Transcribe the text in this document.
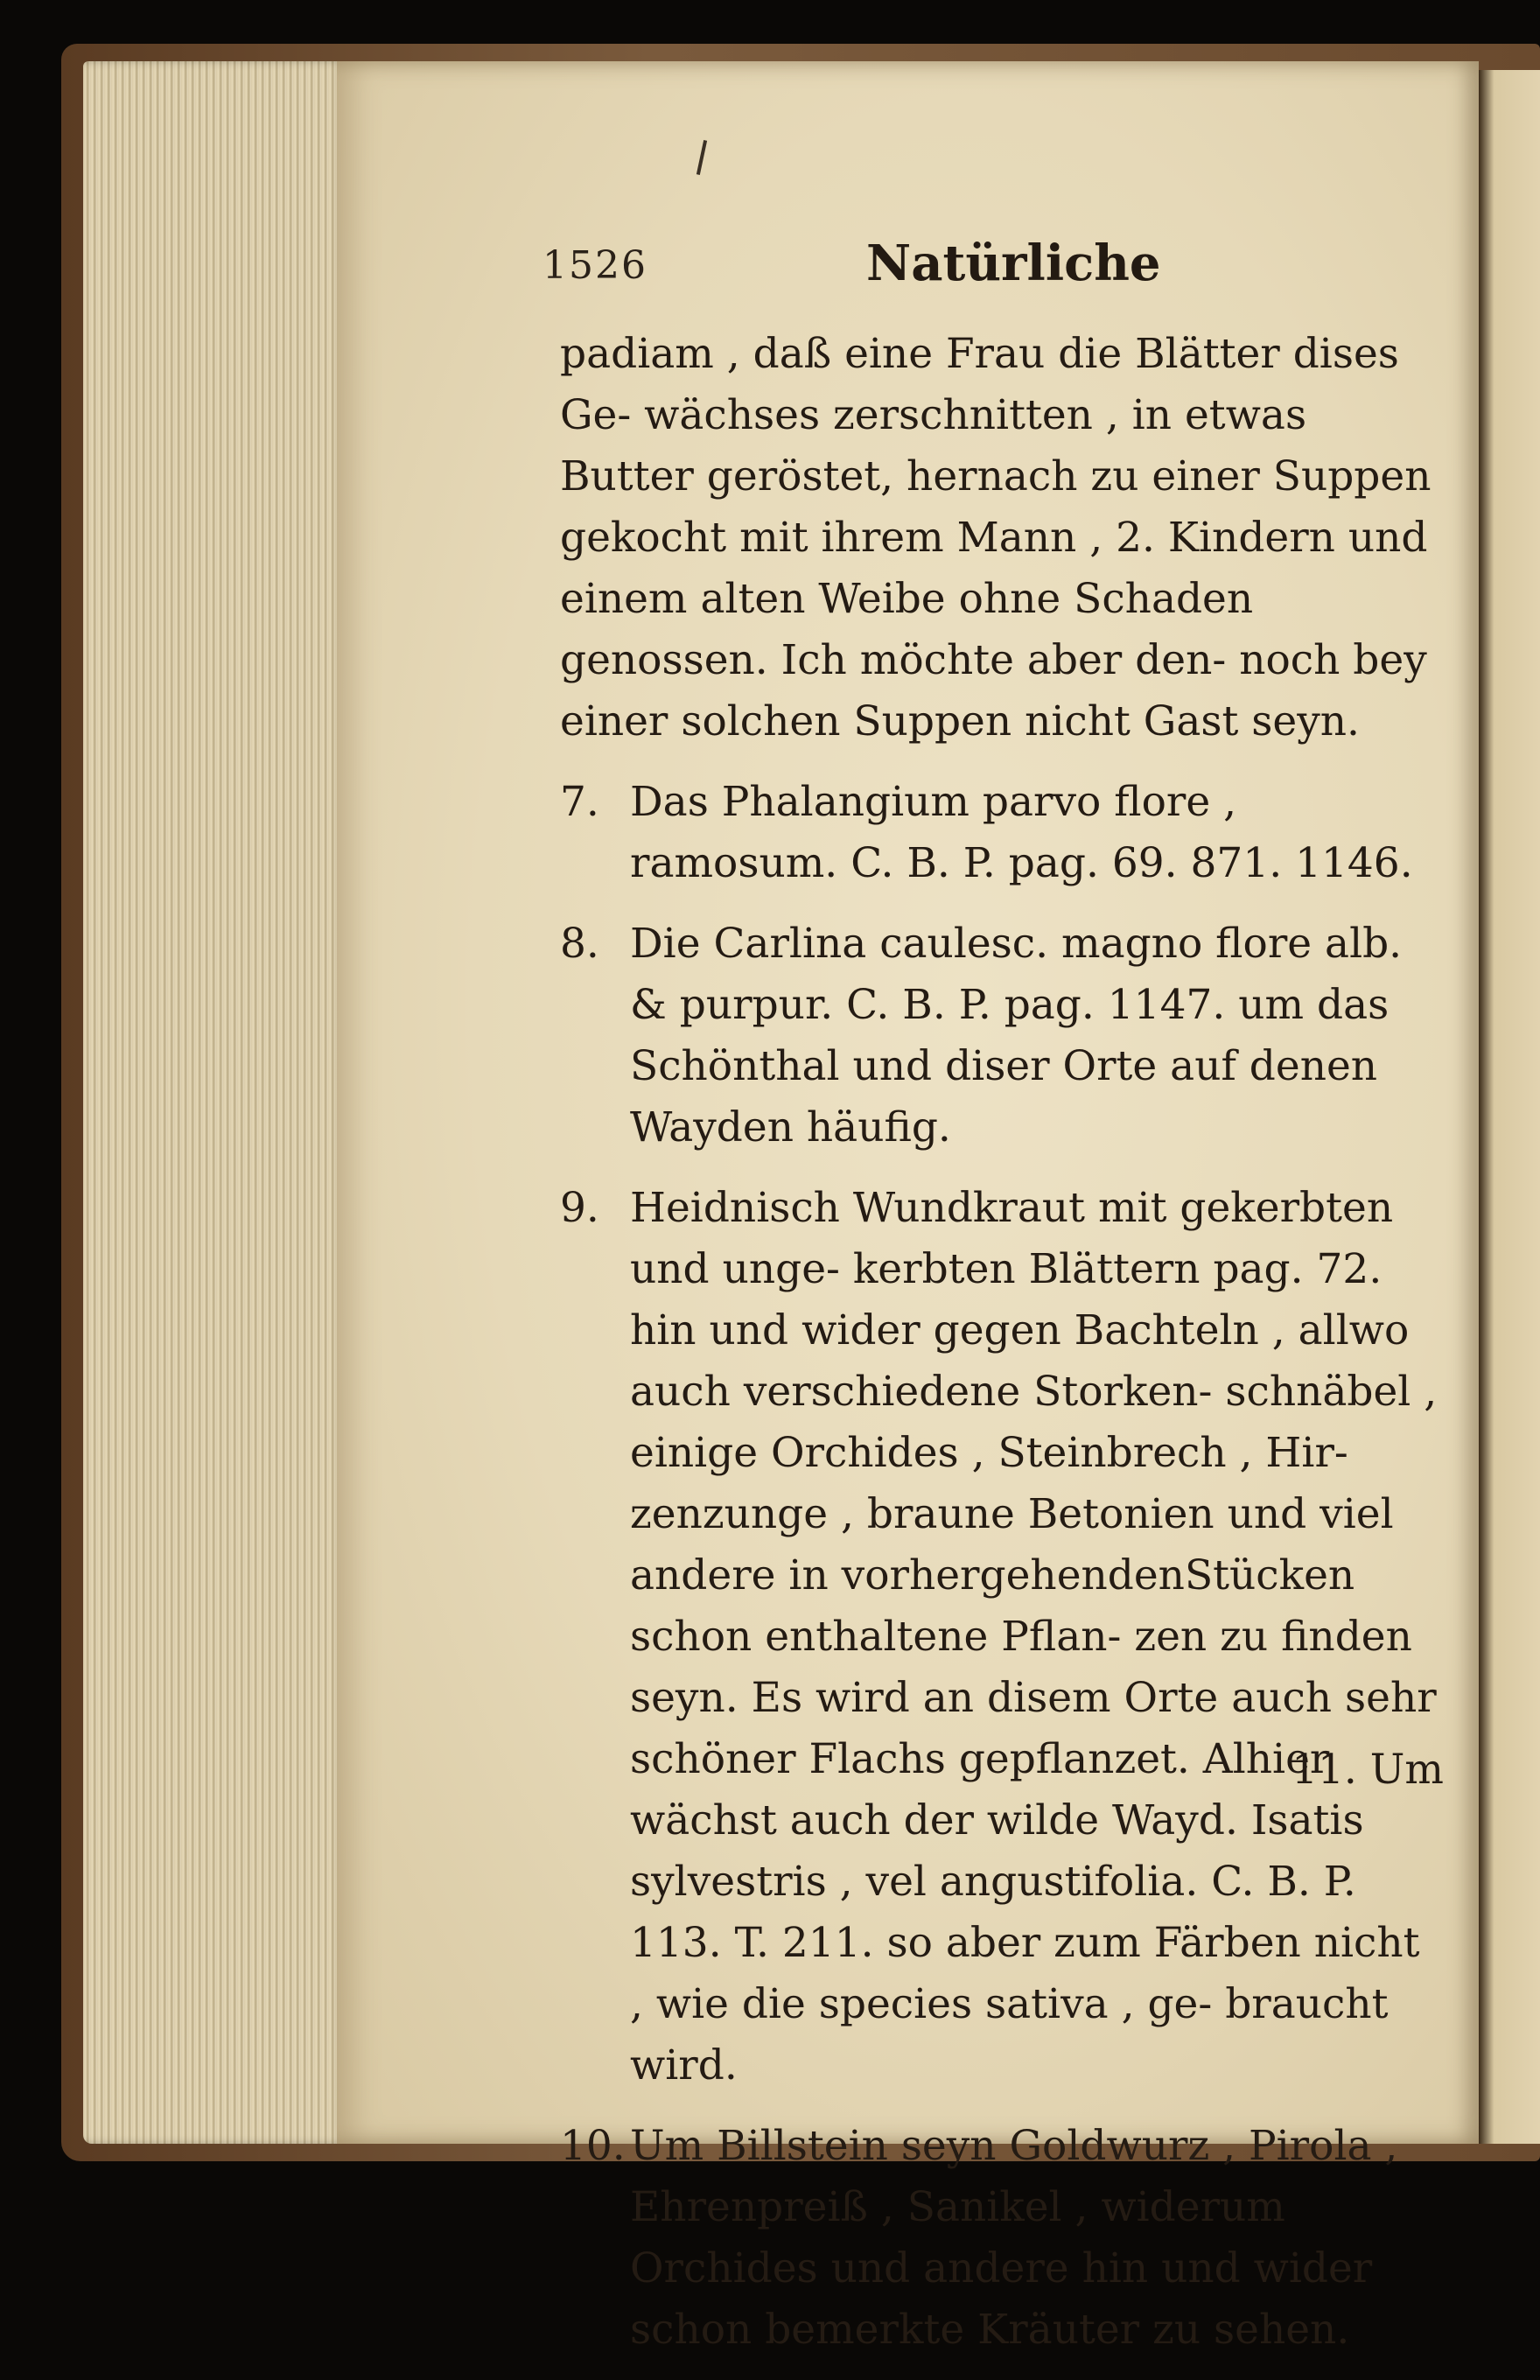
1526	Natürliche

padiam , daß eine Frau die Blätter dises Ge- wächses zerschnitten , in etwas Butter geröstet, hernach zu einer Suppen gekocht mit ihrem Mann , 2. Kindern und einem alten Weibe ohne Schaden genossen. Ich möchte aber den- noch bey einer solchen Suppen nicht Gast seyn.

7. Das Phalangium parvo flore , ramosum. C. B. P. pag. 69. 871. 1146.
8. Die Carlina caulesc. magno flore alb. & purpur. C. B. P. pag. 1147. um das Schönthal und diser Orte auf denen Wayden häufig.
9. Heidnisch Wundkraut mit gekerbten und unge- kerbten Blättern pag. 72. hin und wider gegen Bachteln , allwo auch verschiedene Storken- schnäbel , einige Orchides , Steinbrech , Hir- zenzunge , braune Betonien und viel andere in vorhergehendenStücken schon enthaltene Pflan- zen zu finden seyn. Es wird an disem Orte auch sehr schöner Flachs gepflanzet. Alhier wächst auch der wilde Wayd. Isatis sylvestris , vel angustifolia. C. B. P. 113. T. 211. so aber zum Färben nicht , wie die species sativa , ge- braucht wird.
10. Um Billstein seyn Goldwurz , Pirola , Ehrenpreiß , Sanikel , widerum Orchides und andere hin und wider schon bemerkte Kräuter zu sehen.
11. Um
